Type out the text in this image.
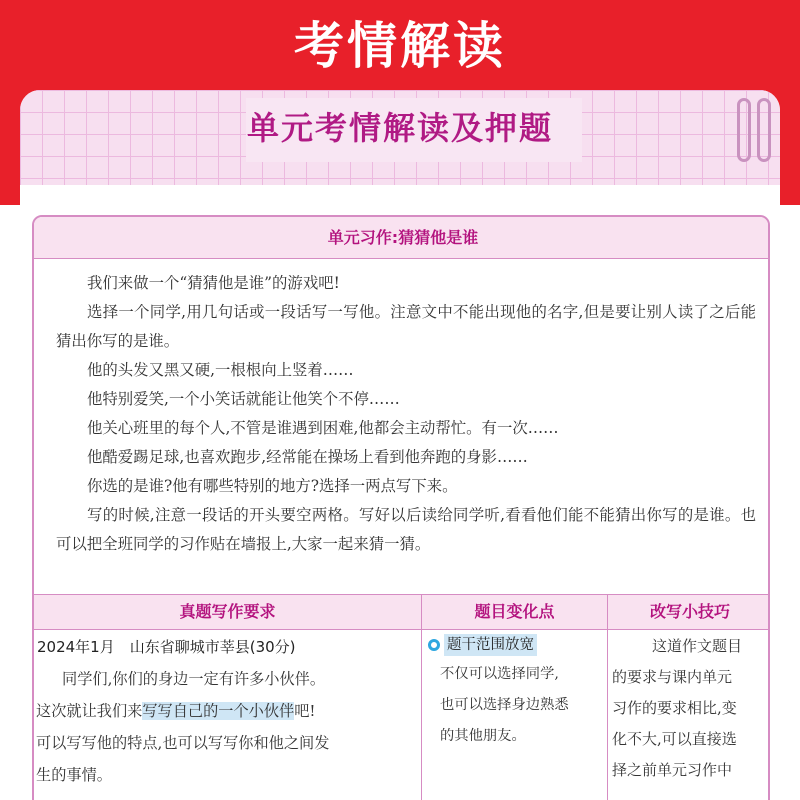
考情解读
单元考情解读及押题
单元习作:猜猜他是谁

我们来做一个“猜猜他是谁”的游戏吧!

选择一个同学,用几句话或一段话写一写他。注意文中不能出现他的名字,但是要让别人读了之后能猜出你写的是谁。

他的头发又黑又硬,一根根向上竖着……

他特别爱笑,一个小笑话就能让他笑个不停……

他关心班里的每个人,不管是谁遇到困难,他都会主动帮忙。有一次……

他酷爱踢足球,也喜欢跑步,经常能在操场上看到他奔跑的身影……

你选的是谁?他有哪些特别的地方?选择一两点写下来。

写的时候,注意一段话的开头要空两格。写好以后读给同学听,看看他们能不能猜出你写的是谁。也可以把全班同学的习作贴在墙报上,大家一起来猜一猜。

真题写作要求	题目变化点	改写小技巧
2024年1月　山东省聊城市莘县(30分)
同学们,你们的身边一定有许多小伙伴。
这次就让我们来写写自己的一个小伙伴吧!
可以写写他的特点,也可以写写你和他之间发
生的事情。
题干范围放宽
不仅可以选择同学,
也可以选择身边熟悉
的其他朋友。
这道作文题目
的要求与课内单元
习作的要求相比,变
化不大,可以直接选
择之前单元习作中
